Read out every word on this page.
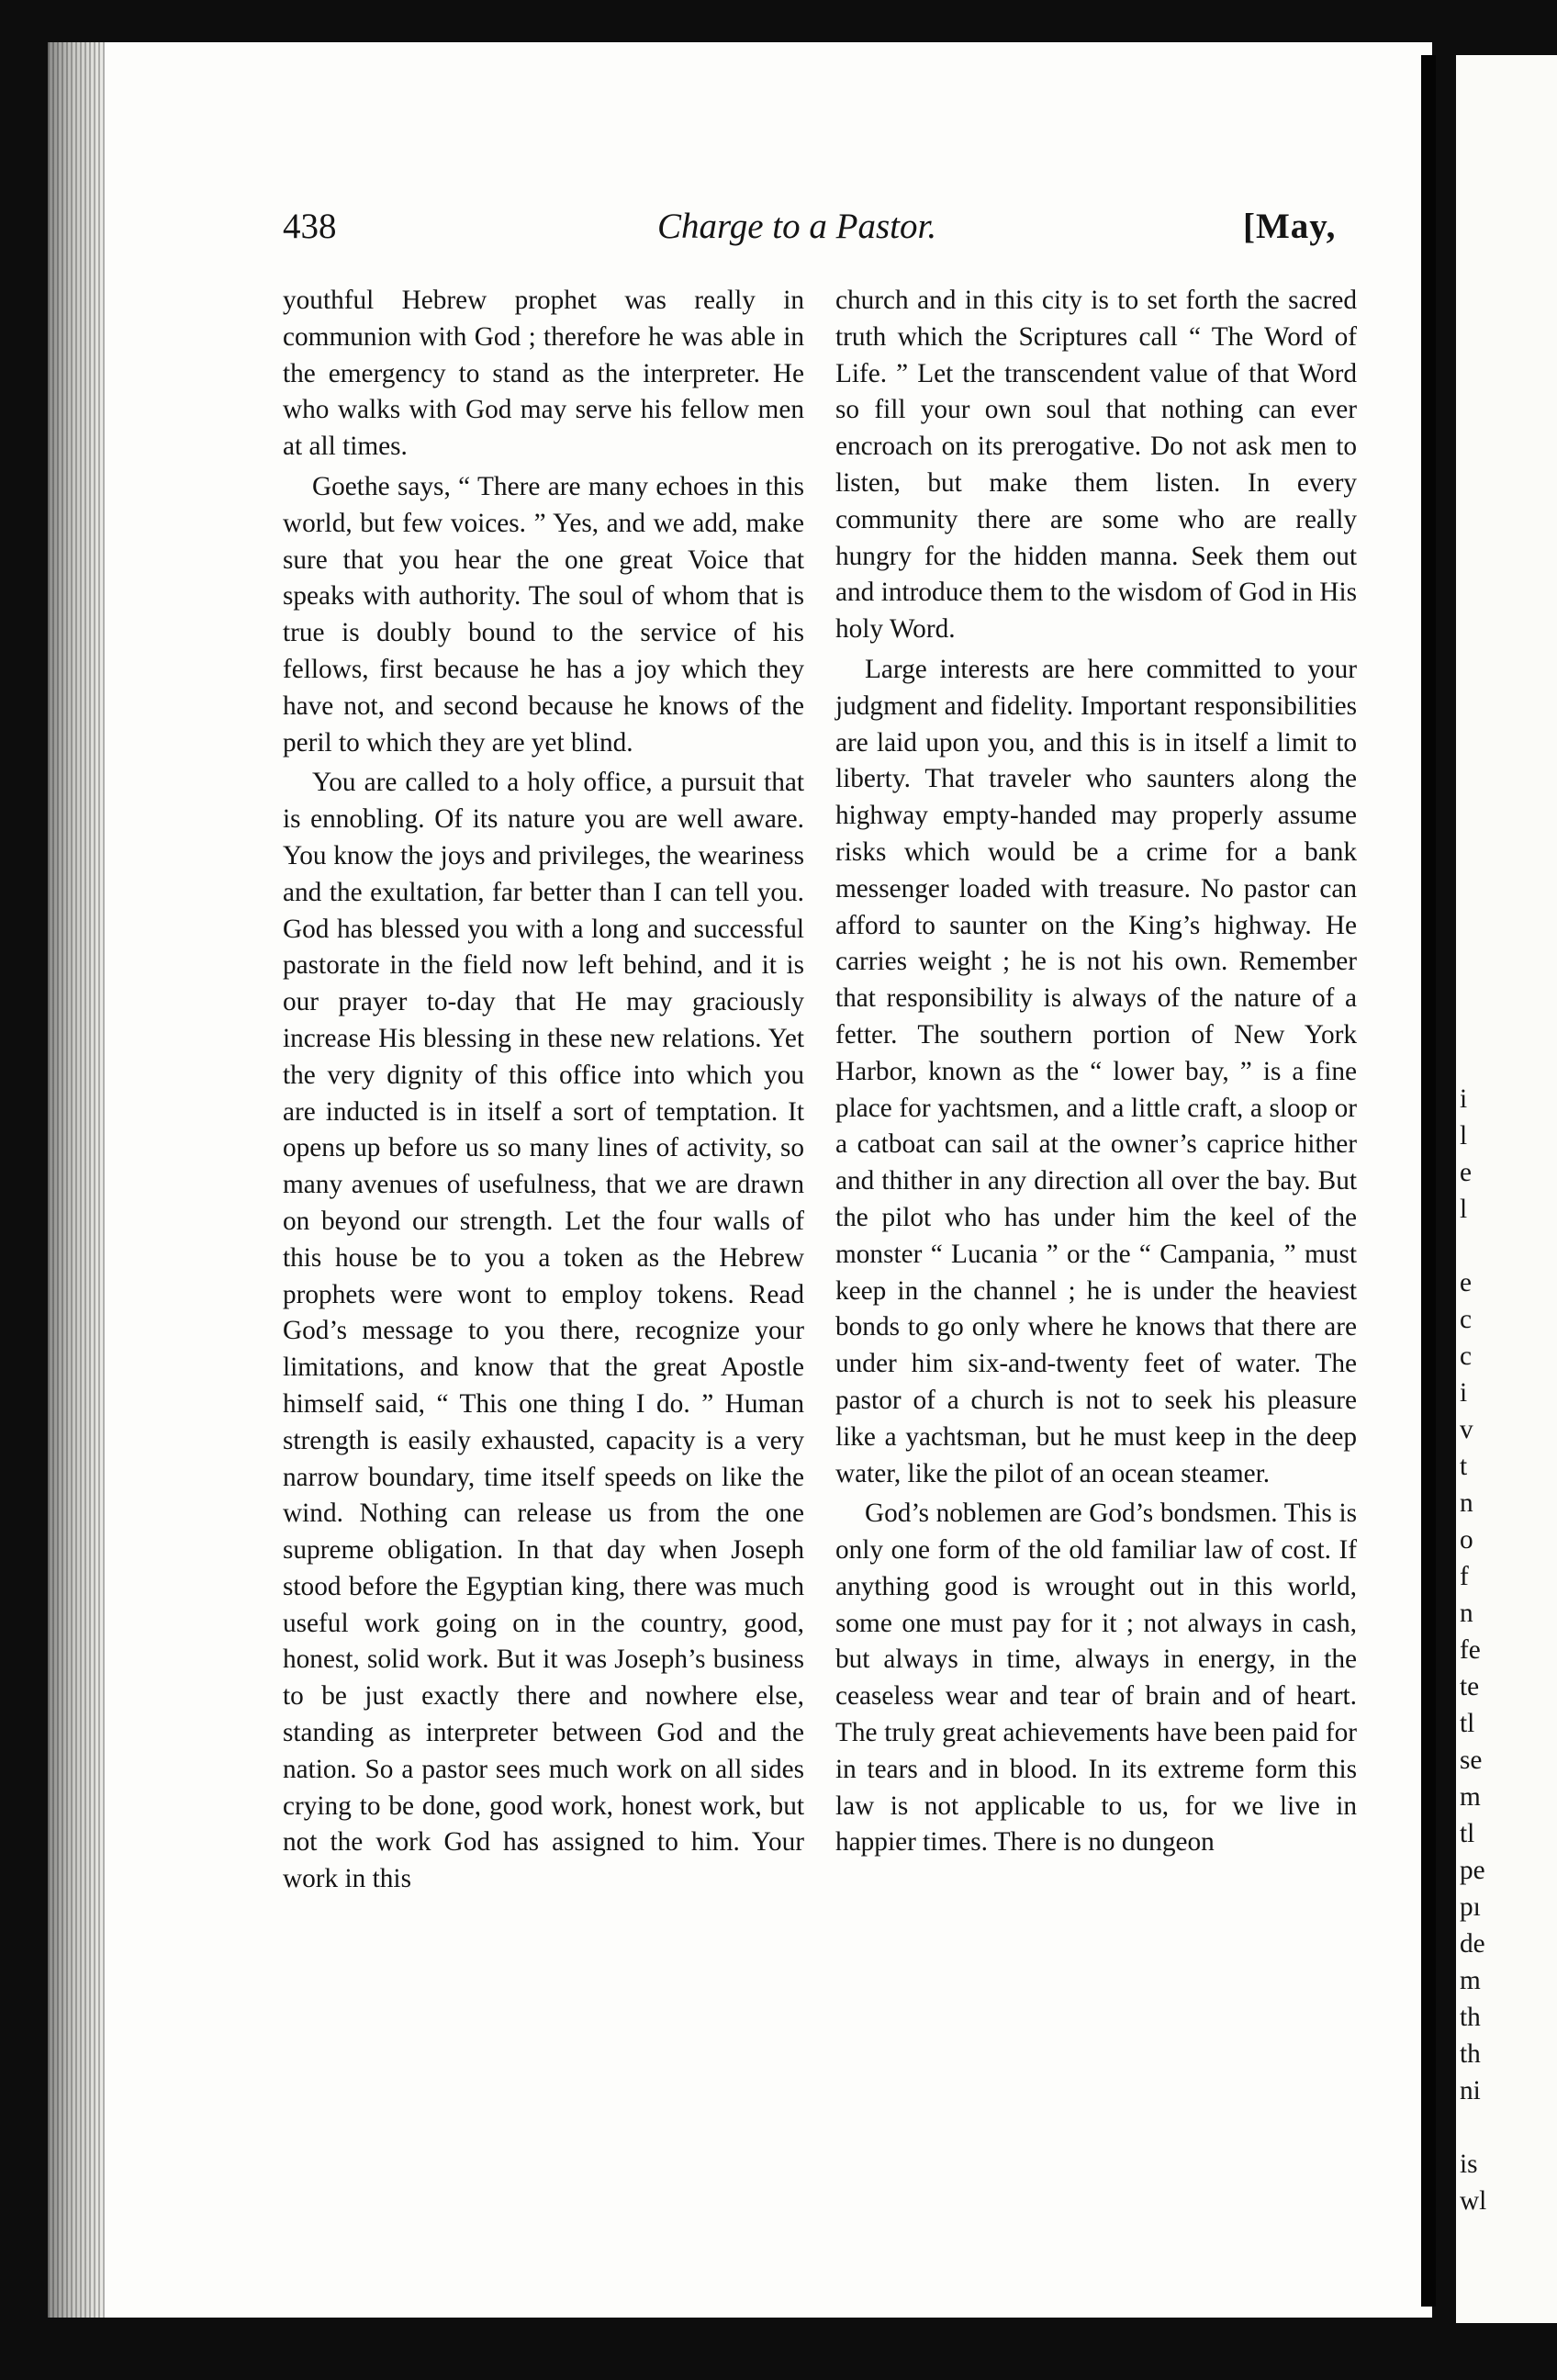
438	Charge to a Pastor.	[May,

youthful Hebrew prophet was really in communion with God ; therefore he was able in the emergency to stand as the interpreter. He who walks with God may serve his fellow men at all times.

Goethe says, “ There are many echoes in this world, but few voices. ” Yes, and we add, make sure that you hear the one great Voice that speaks with authority. The soul of whom that is true is doubly bound to the service of his fellows, first because he has a joy which they have not, and second because he knows of the peril to which they are yet blind.

You are called to a holy office, a pursuit that is ennobling. Of its nature you are well aware. You know the joys and privileges, the weariness and the exultation, far better than I can tell you. God has blessed you with a long and successful pastorate in the field now left behind, and it is our prayer to-day that He may graciously increase His blessing in these new relations. Yet the very dignity of this office into which you are inducted is in itself a sort of temptation. It opens up before us so many lines of activity, so many avenues of usefulness, that we are drawn on beyond our strength. Let the four walls of this house be to you a token as the Hebrew prophets were wont to employ tokens. Read God’s message to you there, recognize your limitations, and know that the great Apostle himself said, “ This one thing I do. ” Human strength is easily exhausted, capacity is a very narrow boundary, time itself speeds on like the wind. Nothing can release us from the one supreme obligation. In that day when Joseph stood before the Egyptian king, there was much useful work going on in the country, good, honest, solid work. But it was Joseph’s business to be just exactly there and nowhere else, standing as interpreter between God and the nation. So a pastor sees much work on all sides crying to be done, good work, honest work, but not the work God has assigned to him. Your work in this

church and in this city is to set forth the sacred truth which the Scriptures call “ The Word of Life. ” Let the transcendent value of that Word so fill your own soul that nothing can ever encroach on its prerogative. Do not ask men to listen, but make them listen. In every community there are some who are really hungry for the hidden manna. Seek them out and introduce them to the wisdom of God in His holy Word.

Large interests are here committed to your judgment and fidelity. Important responsibilities are laid upon you, and this is in itself a limit to liberty. That traveler who saunters along the highway empty-handed may properly assume risks which would be a crime for a bank messenger loaded with treasure. No pastor can afford to saunter on the King’s highway. He carries weight ; he is not his own. Remember that responsibility is always of the nature of a fetter. The southern portion of New York Harbor, known as the “ lower bay, ” is a fine place for yachtsmen, and a little craft, a sloop or a catboat can sail at the owner’s caprice hither and thither in any direction all over the bay. But the pilot who has under him the keel of the monster “ Lucania ” or the “ Campania, ” must keep in the channel ; he is under the heaviest bonds to go only where he knows that there are under him six-and-twenty feet of water. The pastor of a church is not to seek his pleasure like a yachtsman, but he must keep in the deep water, like the pilot of an ocean steamer.

God’s noblemen are God’s bondsmen. This is only one form of the old familiar law of cost. If anything good is wrought out in this world, some one must pay for it ; not always in cash, but always in time, always in energy, in the ceaseless wear and tear of brain and of heart. The truly great achievements have been paid for in tears and in blood. In its extreme form this law is not applicable to us, for we live in happier times. There is no dungeon

i
l
e
l
e
c
c
i
v
t
n
o
f
n
fe
te
tl
se
m
tl
pe
pı
de
m
th
th
ni
is
wl
